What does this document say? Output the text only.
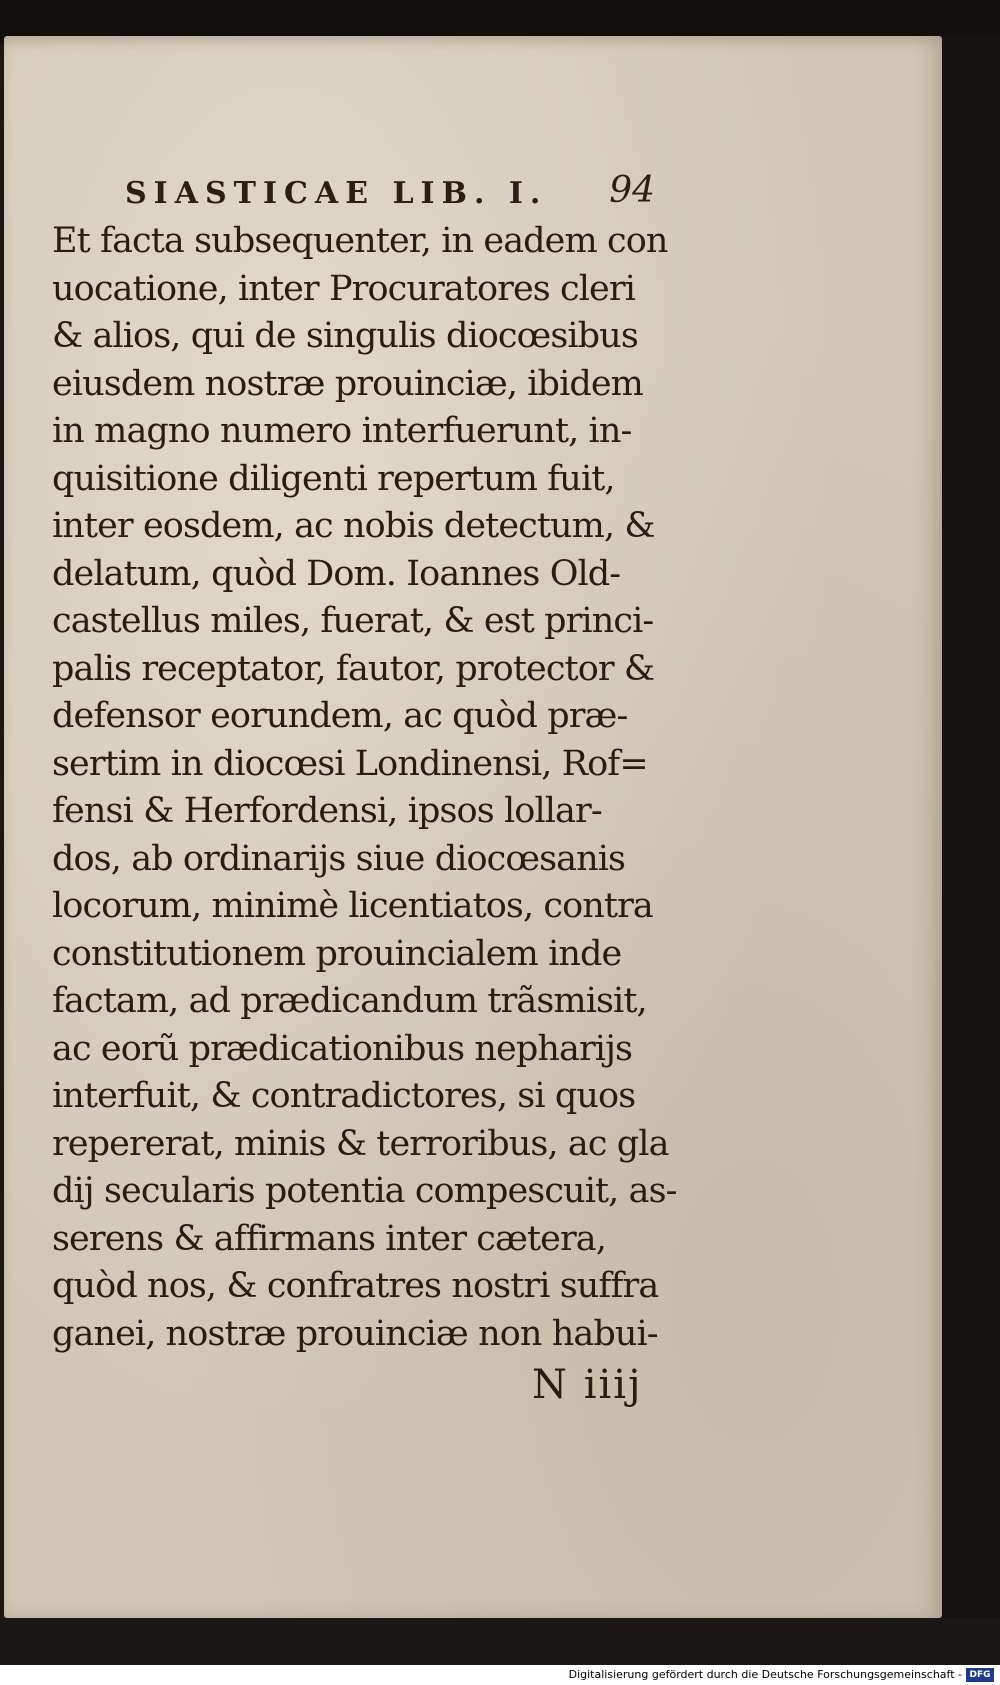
SIASTICAE LIB. I. 94
Et facta subsequenter, in eadem con
uocatione, inter Procuratores cleri
& alios, qui de singulis diocœsibus
eiusdem nostræ prouinciæ, ibidem
in magno numero interfuerunt, in-
quisitione diligenti repertum fuit,
inter eosdem, ac nobis detectum, &
delatum, quòd Dom. Ioannes Old-
castellus miles, fuerat, & est princi-
palis receptator, fautor, protector &
defensor eorundem, ac quòd præ-
sertim in diocœsi Londinensi, Rof=
fensi & Herfordensi, ipsos lollar-
dos, ab ordinarijs siue diocœsanis
locorum, minimè licentiatos, contra
constitutionem prouincialem inde
factam, ad prædicandum trãsmisit,
ac eorũ prædicationibus nepharijs
interfuit, & contradictores, si quos
repererat, minis & terroribus, ac gla
dij secularis potentia compescuit, as-
serens & affirmans inter cætera,
quòd nos, & confratres nostri suffra
ganei, nostræ prouinciæ non habui-
N iiij
Digitalisierung gefördert durch die Deutsche Forschungsgemeinschaft - DFG
